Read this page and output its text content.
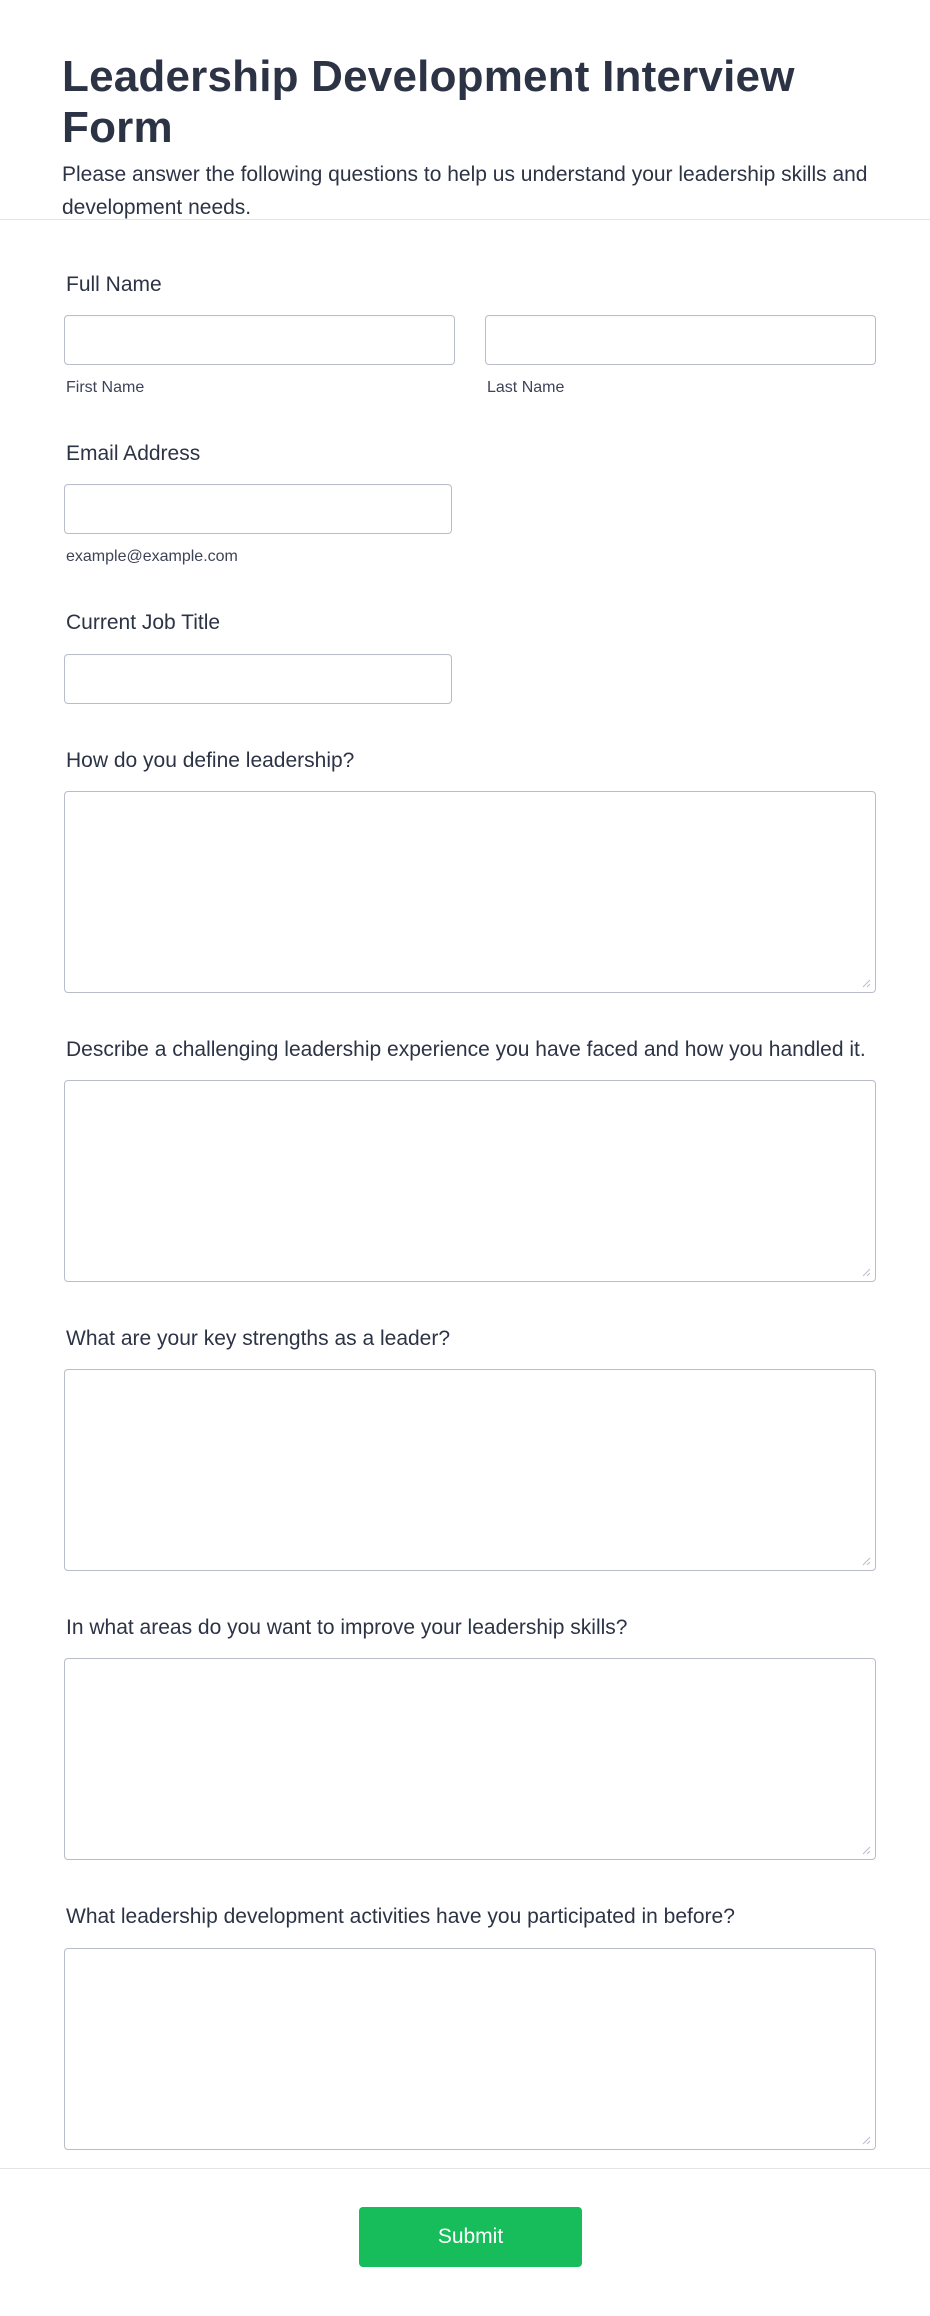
Leadership Development Interview Form

Please answer the following questions to help us understand your leadership skills and development needs.

Full Name
First Name	Last Name
Email Address
example@example.com
Current Job Title
How do you define leadership?
Describe a challenging leadership experience you have faced and how you handled it.
What are your key strengths as a leader?
In what areas do you want to improve your leadership skills?
What leadership development activities have you participated in before?
Submit
